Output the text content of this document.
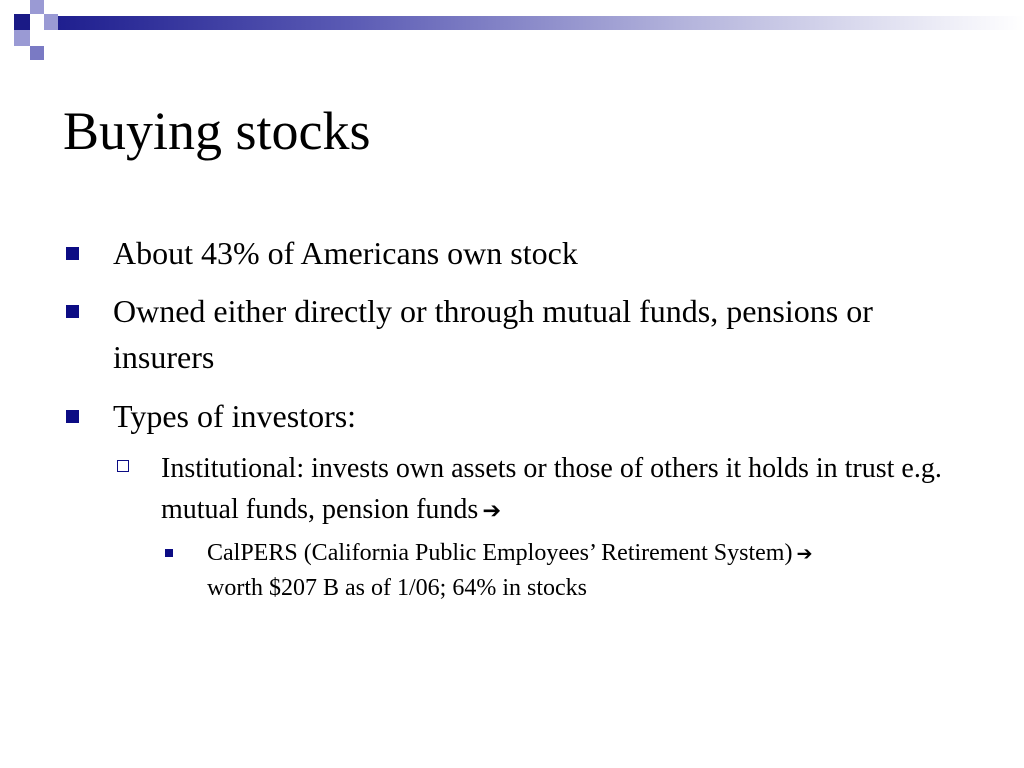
Buying stocks
About 43% of Americans own stock
Owned either directly or through mutual funds, pensions or insurers
Types of investors:
Institutional: invests own assets or those of others it holds in trust e.g. mutual funds, pension funds ➔
CalPERS (California Public Employees’ Retirement System) ➔
worth $207 B as of 1/06; 64% in stocks
